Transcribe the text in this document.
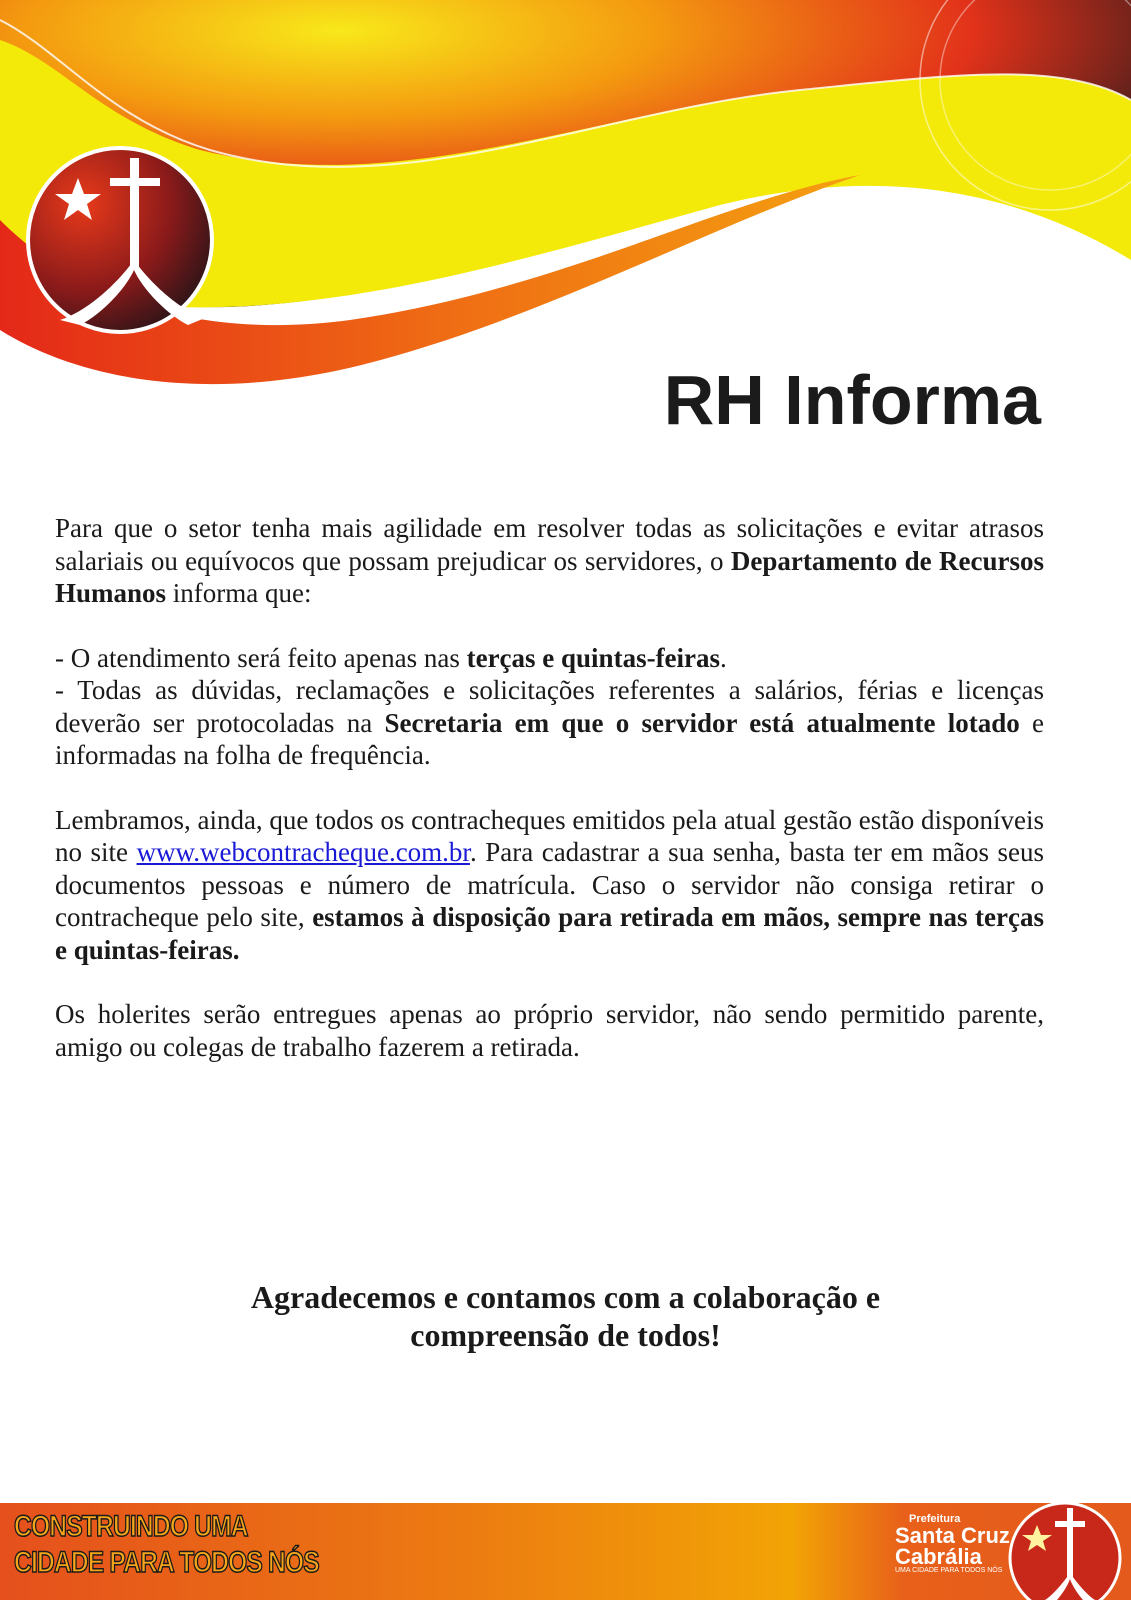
RH Informa

Para que o setor tenha mais agilidade em resolver todas as solicitações e evitar atrasos salariais ou equívocos que possam prejudicar os servidores, o Departamento de Recursos Humanos informa que:

- O atendimento será feito apenas nas terças e quintas-feiras.
- Todas as dúvidas, reclamações e solicitações referentes a salários, férias e licenças deverão ser protocoladas na Secretaria em que o servidor está atualmente lotado e informadas na folha de frequência.

Lembramos, ainda, que todos os contracheques emitidos pela atual gestão estão disponíveis no site www.webcontracheque.com.br. Para cadastrar a sua senha, basta ter em mãos seus documentos pessoas e número de matrícula. Caso o servidor não consiga retirar o contracheque pelo site, estamos à disposição para retirada em mãos, sempre nas terças e quintas-feiras.

Os holerites serão entregues apenas ao próprio servidor, não sendo permitido parente, amigo ou colegas de trabalho fazerem a retirada.

Agradecemos e contamos com a colaboração e
compreensão de todos!
CONSTRUINDO UMA
CIDADE PARA TODOS NÓS
Prefeitura
Santa Cruz
Cabrália
UMA CIDADE PARA TODOS NÓS
